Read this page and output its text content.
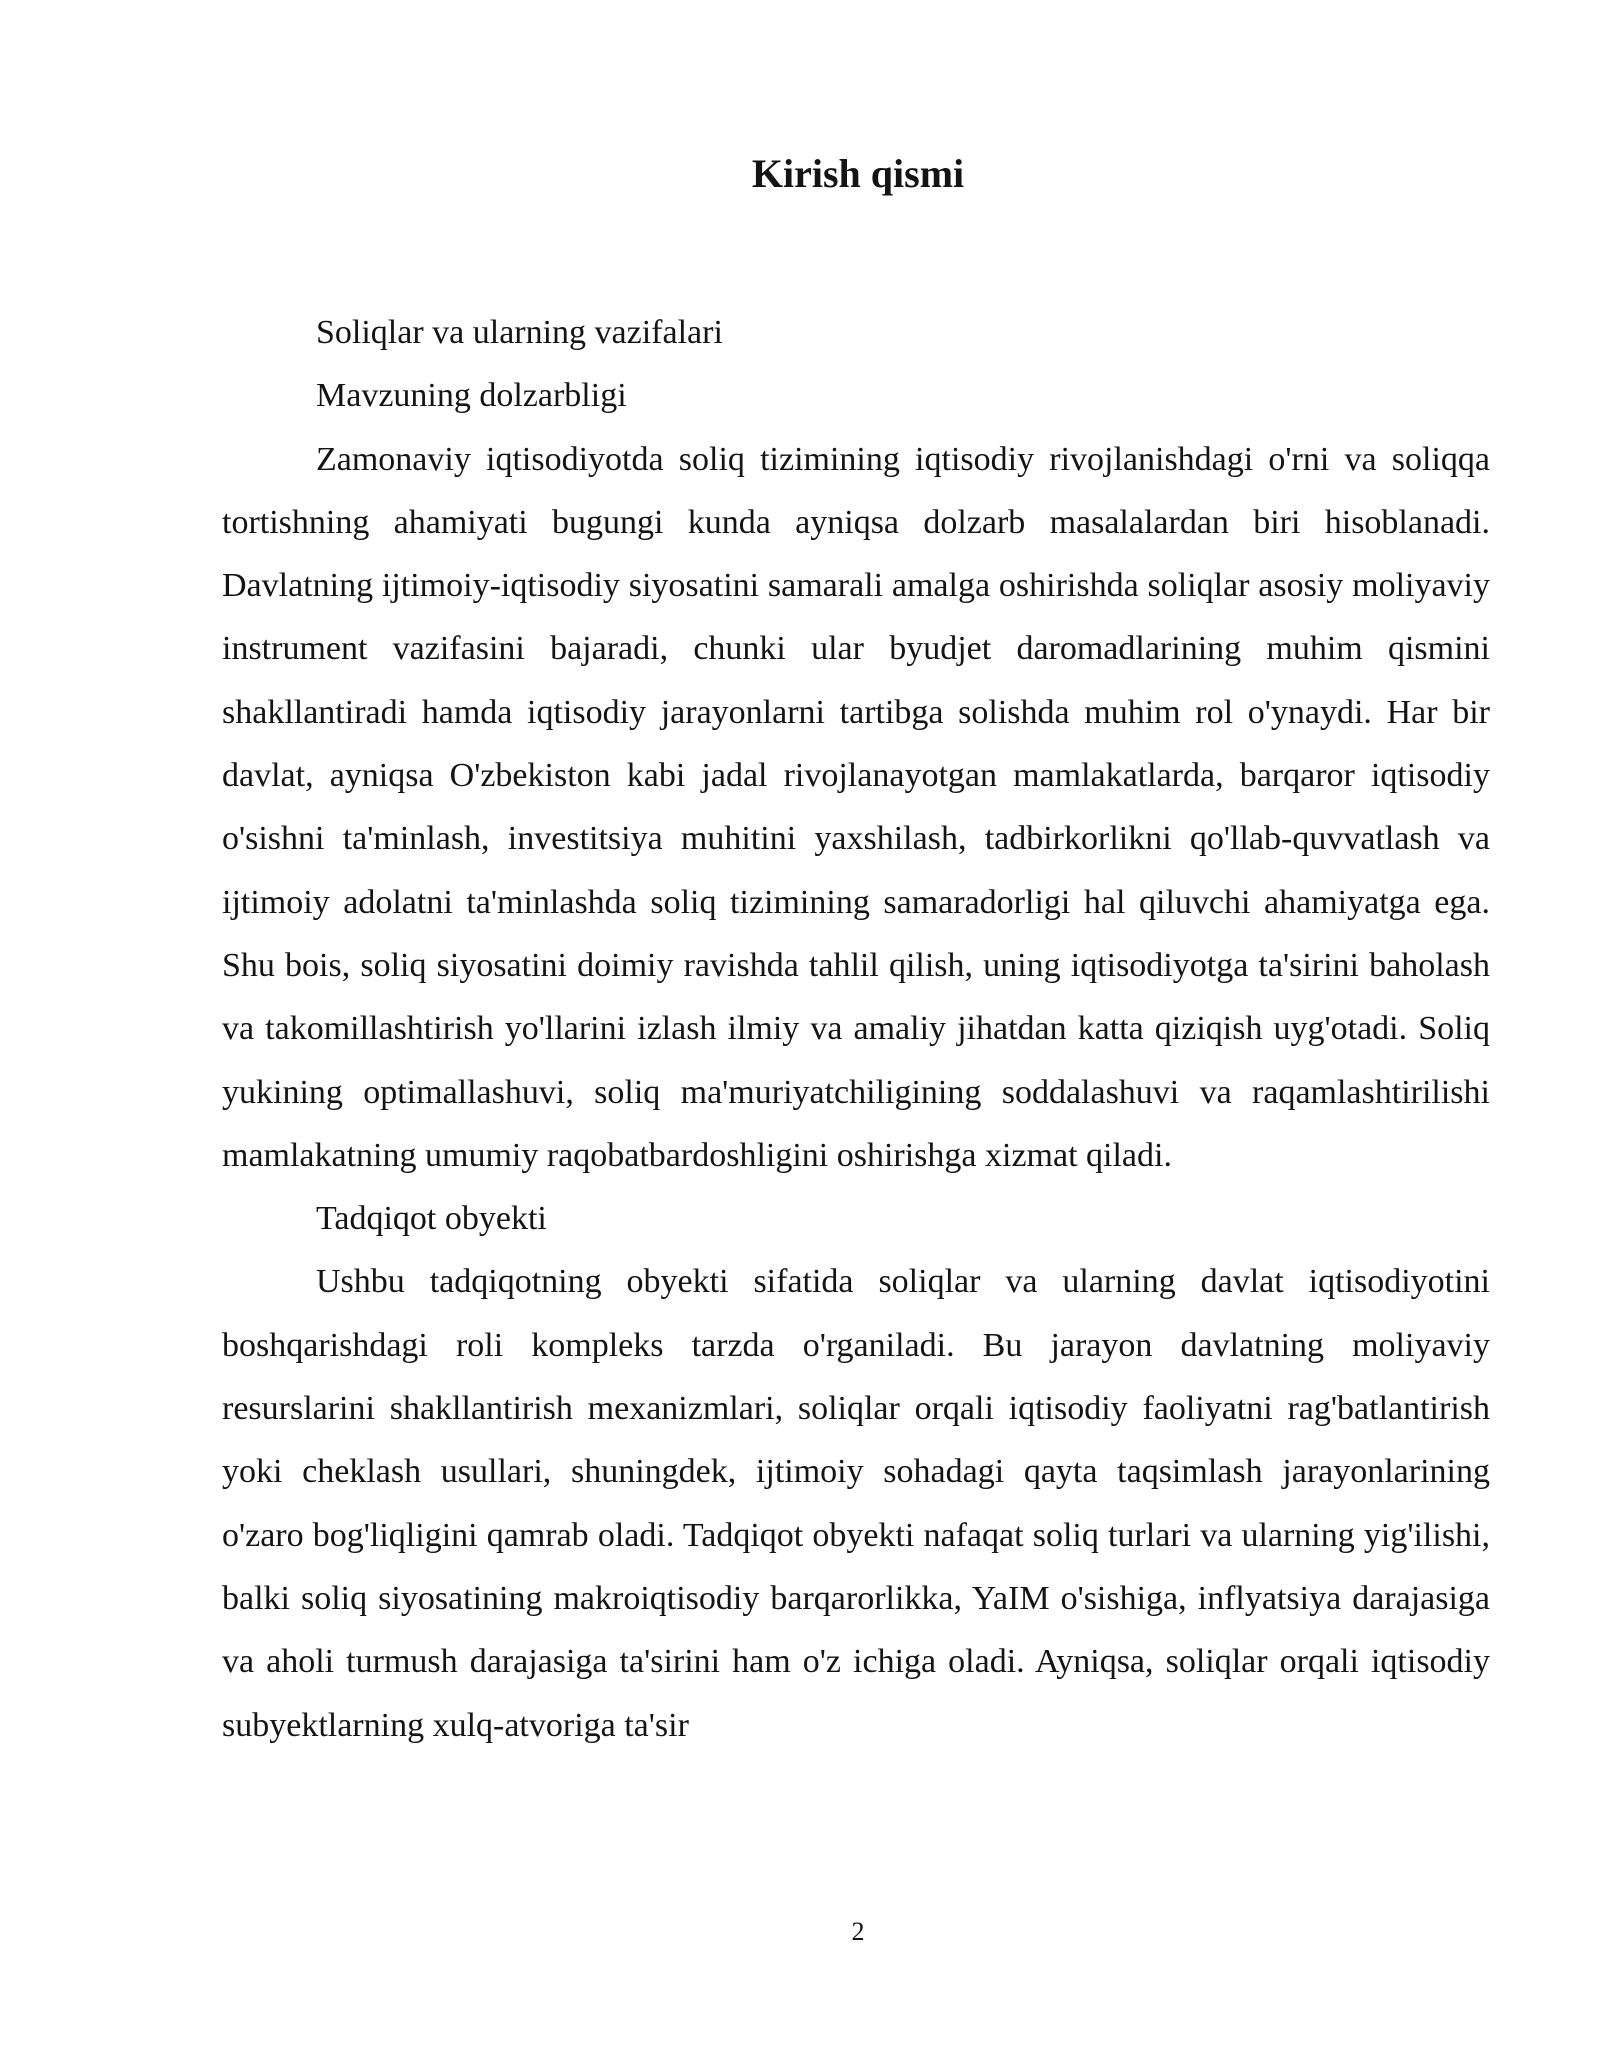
Kirish qismi

Soliqlar va ularning vazifalari

Mavzuning dolzarbligi

Zamonaviy iqtisodiyotda soliq tizimining iqtisodiy rivojlanishdagi o'rni va soliqqa tortishning ahamiyati bugungi kunda ayniqsa dolzarb masalalardan biri hisoblanadi. Davlatning ijtimoiy-iqtisodiy siyosatini samarali amalga oshirishda soliqlar asosiy moliyaviy instrument vazifasini bajaradi, chunki ular byudjet daromadlarining muhim qismini shakllantiradi hamda iqtisodiy jarayonlarni tartibga solishda muhim rol o'ynaydi. Har bir davlat, ayniqsa O'zbekiston kabi jadal rivojlanayotgan mamlakatlarda, barqaror iqtisodiy o'sishni ta'minlash, investitsiya muhitini yaxshilash, tadbirkorlikni qo'llab-quvvatlash va ijtimoiy adolatni ta'minlashda soliq tizimining samaradorligi hal qiluvchi ahamiyatga ega. Shu bois, soliq siyosatini doimiy ravishda tahlil qilish, uning iqtisodiyotga ta'sirini baholash va takomillashtirish yo'llarini izlash ilmiy va amaliy jihatdan katta qiziqish uyg'otadi. Soliq yukining optimallashuvi, soliq ma'muriyatchiligining soddalashuvi va raqamlashtirilishi mamlakatning umumiy raqobatbardoshligini oshirishga xizmat qiladi.

Tadqiqot obyekti

Ushbu tadqiqotning obyekti sifatida soliqlar va ularning davlat iqtisodiyotini boshqarishdagi roli kompleks tarzda o'rganiladi. Bu jarayon davlatning moliyaviy resurslarini shakllantirish mexanizmlari, soliqlar orqali iqtisodiy faoliyatni rag'batlantirish yoki cheklash usullari, shuningdek, ijtimoiy sohadagi qayta taqsimlash jarayonlarining o'zaro bog'liqligini qamrab oladi. Tadqiqot obyekti nafaqat soliq turlari va ularning yig'ilishi, balki soliq siyosatining makroiqtisodiy barqarorlikka, YaIM o'sishiga, inflyatsiya darajasiga va aholi turmush darajasiga ta'sirini ham o'z ichiga oladi. Ayniqsa, soliqlar orqali iqtisodiy subyektlarning xulq-atvoriga ta'sir

2
